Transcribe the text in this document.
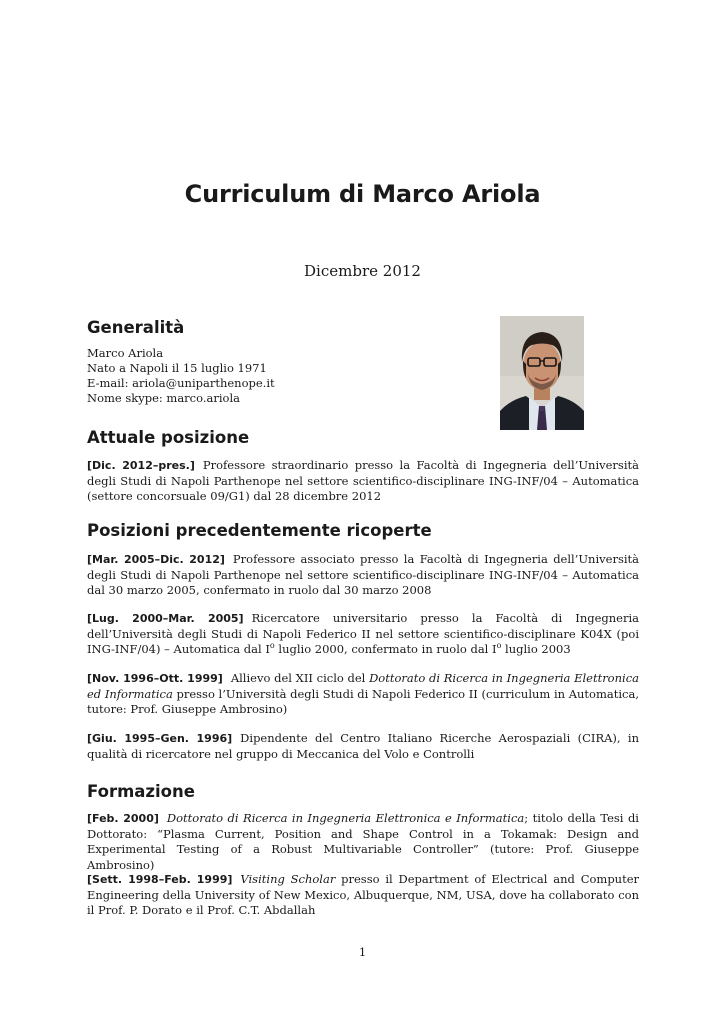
Curriculum di Marco Ariola
Dicembre 2012
Generalità
Marco Ariola
Nato a Napoli il 15 luglio 1971
E-mail: ariola@uniparthenope.it
Nome skype: marco.ariola
Attuale posizione
[Dic. 2012–pres.] Professore straordinario presso la Facoltà di Ingegneria dell’Università degli Studi di Napoli Parthenope nel settore scientifico-disciplinare ING-INF/04 – Automatica (settore concorsuale 09/G1) dal 28 dicembre 2012
Posizioni precedentemente ricoperte
[Mar. 2005–Dic. 2012] Professore associato presso la Facoltà di Ingegneria dell’Università degli Studi di Napoli Parthenope nel settore scientifico-disciplinare ING-INF/04 – Automatica dal 30 marzo 2005, confermato in ruolo dal 30 marzo 2008
[Lug. 2000–Mar. 2005] Ricercatore universitario presso la Facoltà di Ingegneria dell’Università degli Studi di Napoli Federico II nel settore scientifico-disciplinare K04X (poi ING-INF/04) – Automatica dal $I^o$ luglio 2000, confermato in ruolo dal $I^o$ luglio 2003
[Nov. 1996–Ott. 1999] Allievo del XII ciclo del Dottorato di Ricerca in Ingegneria Elettronica ed Informatica presso l’Università degli Studi di Napoli Federico II (curriculum in Automatica, tutore: Prof. Giuseppe Ambrosino)
[Giu. 1995–Gen. 1996] Dipendente del Centro Italiano Ricerche Aerospaziali (CIRA), in qualità di ricercatore nel gruppo di Meccanica del Volo e Controlli
Formazione
[Feb. 2000] Dottorato di Ricerca in Ingegneria Elettronica e Informatica; titolo della Tesi di Dottorato: “Plasma Current, Position and Shape Control in a Tokamak: Design and Experimental Testing of a Robust Multivariable Controller” (tutore: Prof. Giuseppe Ambrosino)
[Sett. 1998–Feb. 1999] Visiting Scholar presso il Department of Electrical and Computer Engineering della University of New Mexico, Albuquerque, NM, USA, dove ha collaborato con il Prof. P. Dorato e il Prof. C.T. Abdallah
1
